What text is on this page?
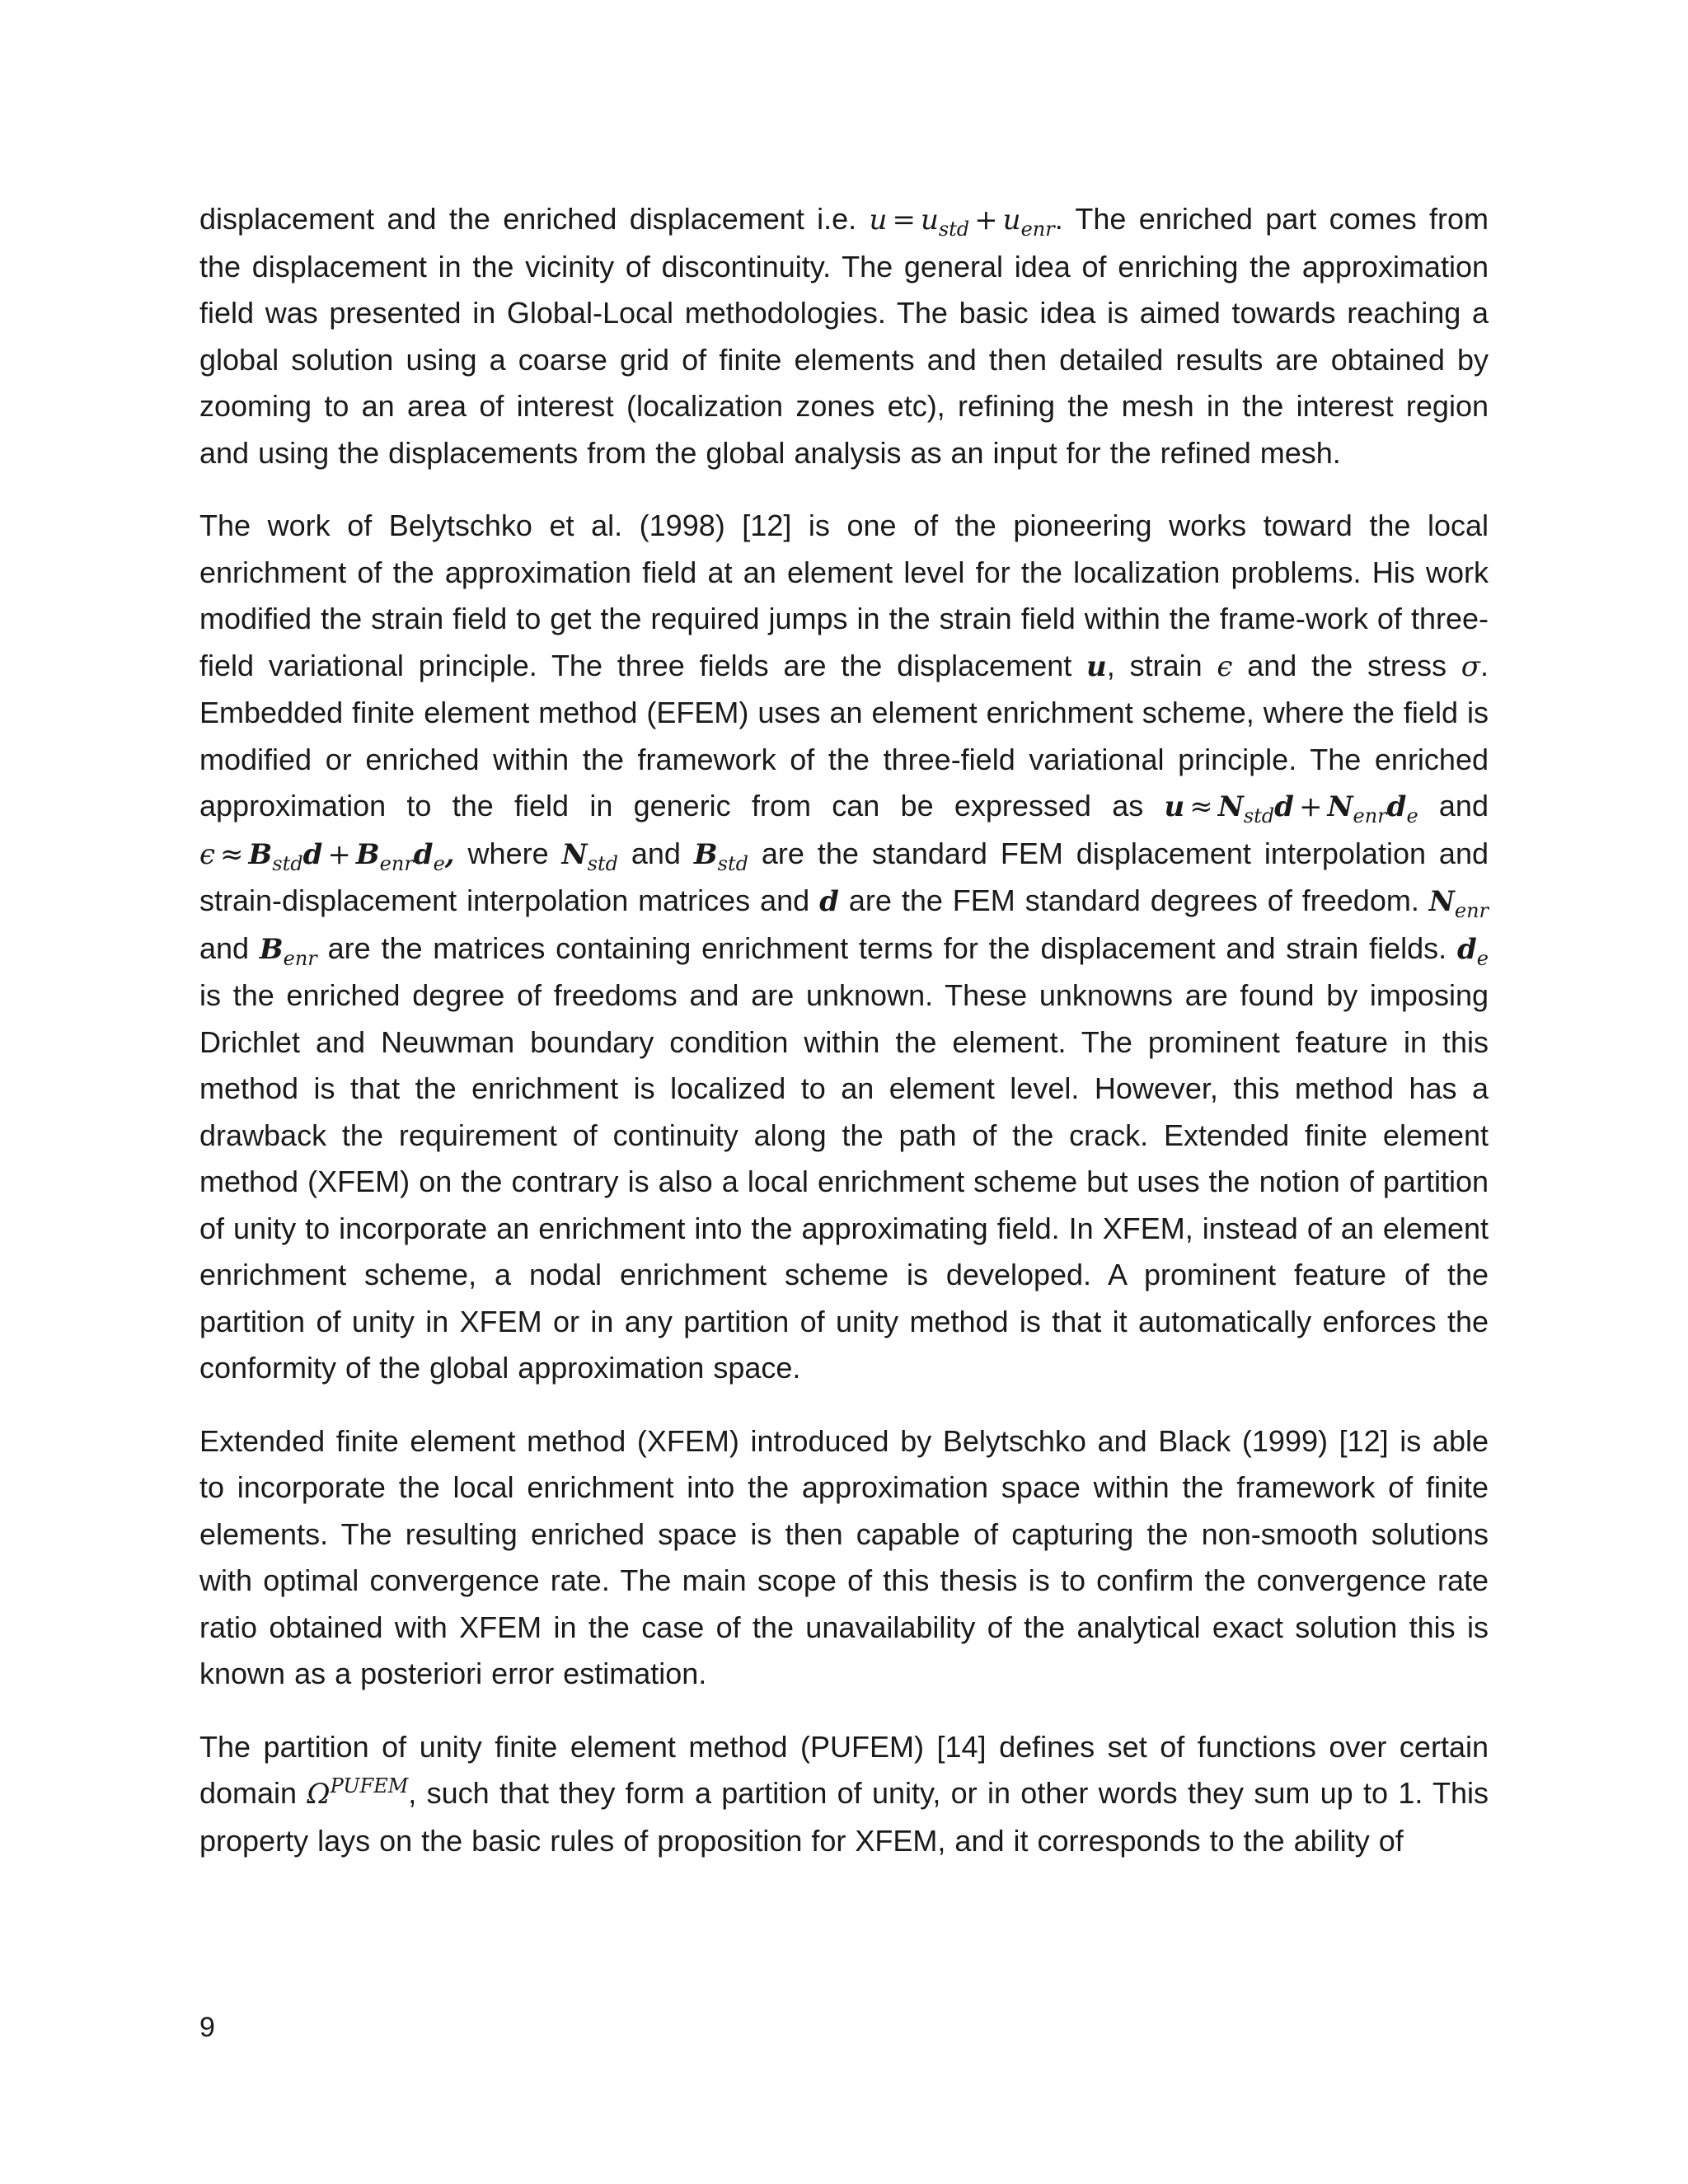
displacement and the enriched displacement i.e. $u = u_{std} + u_{enr}$. The enriched part comes from the displacement in the vicinity of discontinuity. The general idea of enriching the approximation field was presented in Global-Local methodologies. The basic idea is aimed towards reaching a global solution using a coarse grid of finite elements and then detailed results are obtained by zooming to an area of interest (localization zones etc), refining the mesh in the interest region and using the displacements from the global analysis as an input for the refined mesh.

The work of Belytschko et al. (1998) [12] is one of the pioneering works toward the local enrichment of the approximation field at an element level for the localization problems. His work modified the strain field to get the required jumps in the strain field within the frame-work of three-field variational principle. The three fields are the displacement u, strain ϵ and the stress σ. Embedded finite element method (EFEM) uses an element enrichment scheme, where the field is modified or enriched within the framework of the three-field variational principle. The enriched approximation to the field in generic from can be expressed as $u \approx N_{std}d + N_{enr}d_e$ and $\epsilon \approx B_{std}d + B_{enr}d_e$, where $N_{std}$ and $B_{std}$ are the standard FEM displacement interpolation and strain-displacement interpolation matrices and d are the FEM standard degrees of freedom. $N_{enr}$ and $B_{enr}$ are the matrices containing enrichment terms for the displacement and strain fields. $d_e$ is the enriched degree of freedoms and are unknown. These unknowns are found by imposing Drichlet and Neuwman boundary condition within the element. The prominent feature in this method is that the enrichment is localized to an element level. However, this method has a drawback the requirement of continuity along the path of the crack. Extended finite element method (XFEM) on the contrary is also a local enrichment scheme but uses the notion of partition of unity to incorporate an enrichment into the approximating field. In XFEM, instead of an element enrichment scheme, a nodal enrichment scheme is developed. A prominent feature of the partition of unity in XFEM or in any partition of unity method is that it automatically enforces the conformity of the global approximation space.

Extended finite element method (XFEM) introduced by Belytschko and Black (1999) [12] is able to incorporate the local enrichment into the approximation space within the framework of finite elements. The resulting enriched space is then capable of capturing the non-smooth solutions with optimal convergence rate. The main scope of this thesis is to confirm the convergence rate ratio obtained with XFEM in the case of the unavailability of the analytical exact solution this is known as a posteriori error estimation.

The partition of unity finite element method (PUFEM) [14] defines set of functions over certain domain $\Omega^{PUFEM}$, such that they form a partition of unity, or in other words they sum up to 1. This property lays on the basic rules of proposition for XFEM, and it corresponds to the ability of

9
